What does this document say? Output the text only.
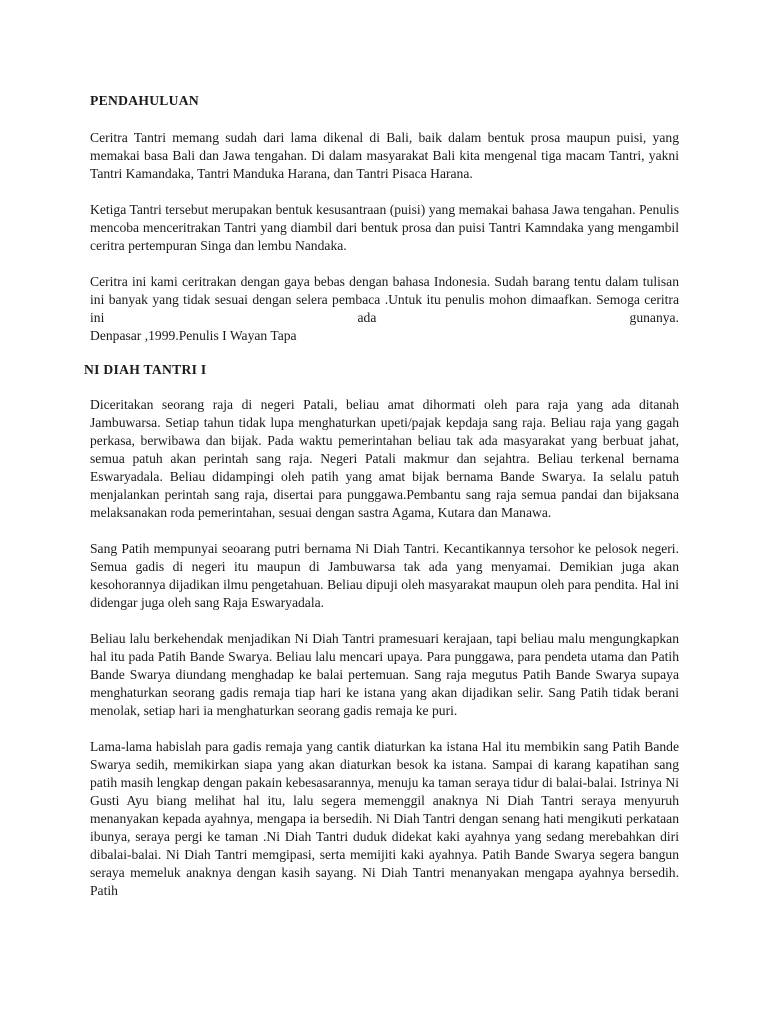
PENDAHULUAN

Ceritra Tantri memang sudah dari lama dikenal di Bali, baik dalam bentuk prosa maupun puisi, yang memakai basa Bali dan Jawa tengahan. Di dalam masyarakat Bali kita mengenal tiga macam Tantri, yakni Tantri Kamandaka, Tantri Manduka Harana, dan Tantri Pisaca Harana.

Ketiga Tantri tersebut merupakan bentuk kesusantraan (puisi) yang memakai bahasa Jawa tengahan. Penulis mencoba menceritrakan Tantri yang diambil dari bentuk prosa dan puisi Tantri Kamndaka yang mengambil ceritra pertempuran Singa dan lembu Nandaka.

Ceritra ini kami ceritrakan dengan gaya bebas dengan bahasa Indonesia. Sudah barang tentu dalam tulisan ini banyak yang tidak sesuai dengan selera pembaca .Untuk itu penulis mohon dimaafkan. Semoga ceritra ini ada gunanya.

Denpasar ,1999.Penulis I Wayan Tapa
NI DIAH TANTRI I

Diceritakan seorang raja di negeri Patali, beliau amat dihormati oleh para raja yang ada ditanah Jambuwarsa. Setiap tahun tidak lupa menghaturkan upeti/pajak kepdaja sang raja. Beliau raja yang gagah perkasa, berwibawa dan bijak. Pada waktu pemerintahan beliau tak ada masyarakat yang berbuat jahat, semua patuh akan perintah sang raja. Negeri Patali makmur dan sejahtra. Beliau terkenal bernama Eswaryadala. Beliau didampingi oleh patih yang amat bijak bernama Bande Swarya. Ia selalu patuh menjalankan perintah sang raja, disertai para punggawa.Pembantu sang raja semua pandai dan bijaksana melaksanakan roda pemerintahan, sesuai dengan sastra Agama, Kutara dan Manawa.

Sang Patih mempunyai seoarang putri bernama Ni Diah Tantri. Kecantikannya tersohor ke pelosok negeri. Semua gadis di negeri itu maupun di Jambuwarsa tak ada yang menyamai. Demikian juga akan kesohorannya dijadikan ilmu pengetahuan. Beliau dipuji oleh masyarakat maupun oleh para pendita. Hal ini didengar juga oleh sang Raja Eswaryadala.

Beliau lalu berkehendak menjadikan Ni Diah Tantri pramesuari kerajaan, tapi beliau malu mengungkapkan hal itu pada Patih Bande Swarya. Beliau lalu mencari upaya. Para punggawa, para pendeta utama dan Patih Bande Swarya diundang menghadap ke balai pertemuan. Sang raja megutus Patih Bande Swarya supaya menghaturkan seorang gadis remaja tiap hari ke istana yang akan dijadikan selir. Sang Patih tidak berani menolak, setiap hari ia menghaturkan seorang gadis remaja ke puri.

Lama-lama habislah para gadis remaja yang cantik diaturkan ka istana Hal itu membikin sang Patih Bande Swarya sedih, memikirkan siapa yang akan diaturkan besok ka istana. Sampai di karang kapatihan sang patih masih lengkap dengan pakain kebesasarannya, menuju ka taman seraya tidur di balai-balai. Istrinya Ni Gusti Ayu biang melihat hal itu, lalu segera memenggil anaknya Ni Diah Tantri seraya menyuruh menanyakan kepada ayahnya, mengapa ia bersedih. Ni Diah Tantri dengan senang hati mengikuti perkataan ibunya, seraya pergi ke taman .Ni Diah Tantri duduk didekat kaki ayahnya yang sedang merebahkan diri dibalai-balai. Ni Diah Tantri memgipasi, serta memijiti kaki ayahnya. Patih Bande Swarya segera bangun seraya memeluk anaknya dengan kasih sayang. Ni Diah Tantri menanyakan mengapa ayahnya bersedih. Patih
